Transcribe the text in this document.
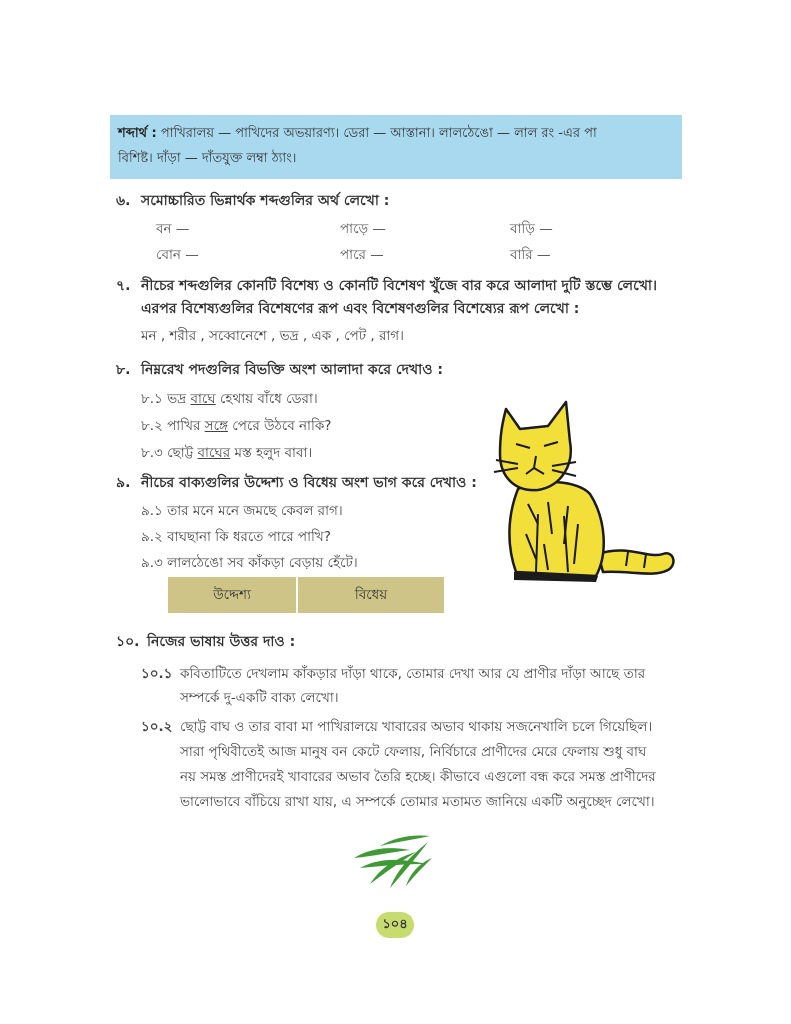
শব্দার্থ : পাখিরালয় — পাখিদের অভয়ারণ্য। ডেরা — আস্তানা। লালঠেঙো — লাল রং -এর পা
বিশিষ্ট। দাঁড়া — দাঁতযুক্ত লম্বা ঠ্যাং।
৬. সমোচ্চারিত ভিন্নার্থক শব্দগুলির অর্থ লেখো :
বন —	পাড়ে —	বাড়ি —
বোন —	পারে —	বারি —
৭. নীচের শব্দগুলির কোনটি বিশেষ্য ও কোনটি বিশেষণ খুঁজে বার করে আলাদা দুটি স্তম্ভে লেখো।
এরপর বিশেষ্যগুলির বিশেষণের রূপ এবং বিশেষণগুলির বিশেষ্যের রূপ লেখো :
মন , শরীর , সব্বোনেশে , ভদ্র , এক , পেট , রাগ।
৮. নিম্নরেখ পদগুলির বিভক্তি অংশ আলাদা করে দেখাও :
৮.১ ভদ্র বাঘে হেথায় বাঁধে ডেরা।
৮.২ পাখির সঙ্গে পেরে উঠবে নাকি?
৮.৩ ছোট্ট বাঘের মস্ত হলুদ বাবা।
৯. নীচের বাক্যগুলির উদ্দেশ্য ও বিধেয় অংশ ভাগ করে দেখাও :
৯.১ তার মনে মনে জমছে কেবল রাগ।
৯.২ বাঘছানা কি ধরতে পারে পাখি?
৯.৩ লালঠেঙো সব কাঁকড়া বেড়ায় হেঁটে।
উদ্দেশ্য	বিধেয়
১০. নিজের ভাষায় উত্তর দাও :
১০.১ কবিতাটিতে দেখলাম কাঁকড়ার দাঁড়া থাকে, তোমার দেখা আর যে প্রাণীর দাঁড়া আছে তার
সম্পর্কে দু-একটি বাক্য লেখো।
১০.২ ছোট্ট বাঘ ও তার বাবা মা পাখিরালয়ে খাবারের অভাব থাকায় সজনেখালি চলে গিয়েছিল।
সারা পৃথিবীতেই আজ মানুষ বন কেটে ফেলায়, নির্বিচারে প্রাণীদের মেরে ফেলায় শুধু বাঘ
নয় সমস্ত প্রাণীদেরই খাবারের অভাব তৈরি হচ্ছে। কীভাবে এগুলো বন্ধ করে সমস্ত প্রাণীদের
ভালোভাবে বাঁচিয়ে রাখা যায়, এ সম্পর্কে তোমার মতামত জানিয়ে একটি অনুচ্ছেদ লেখো।
১০৪
